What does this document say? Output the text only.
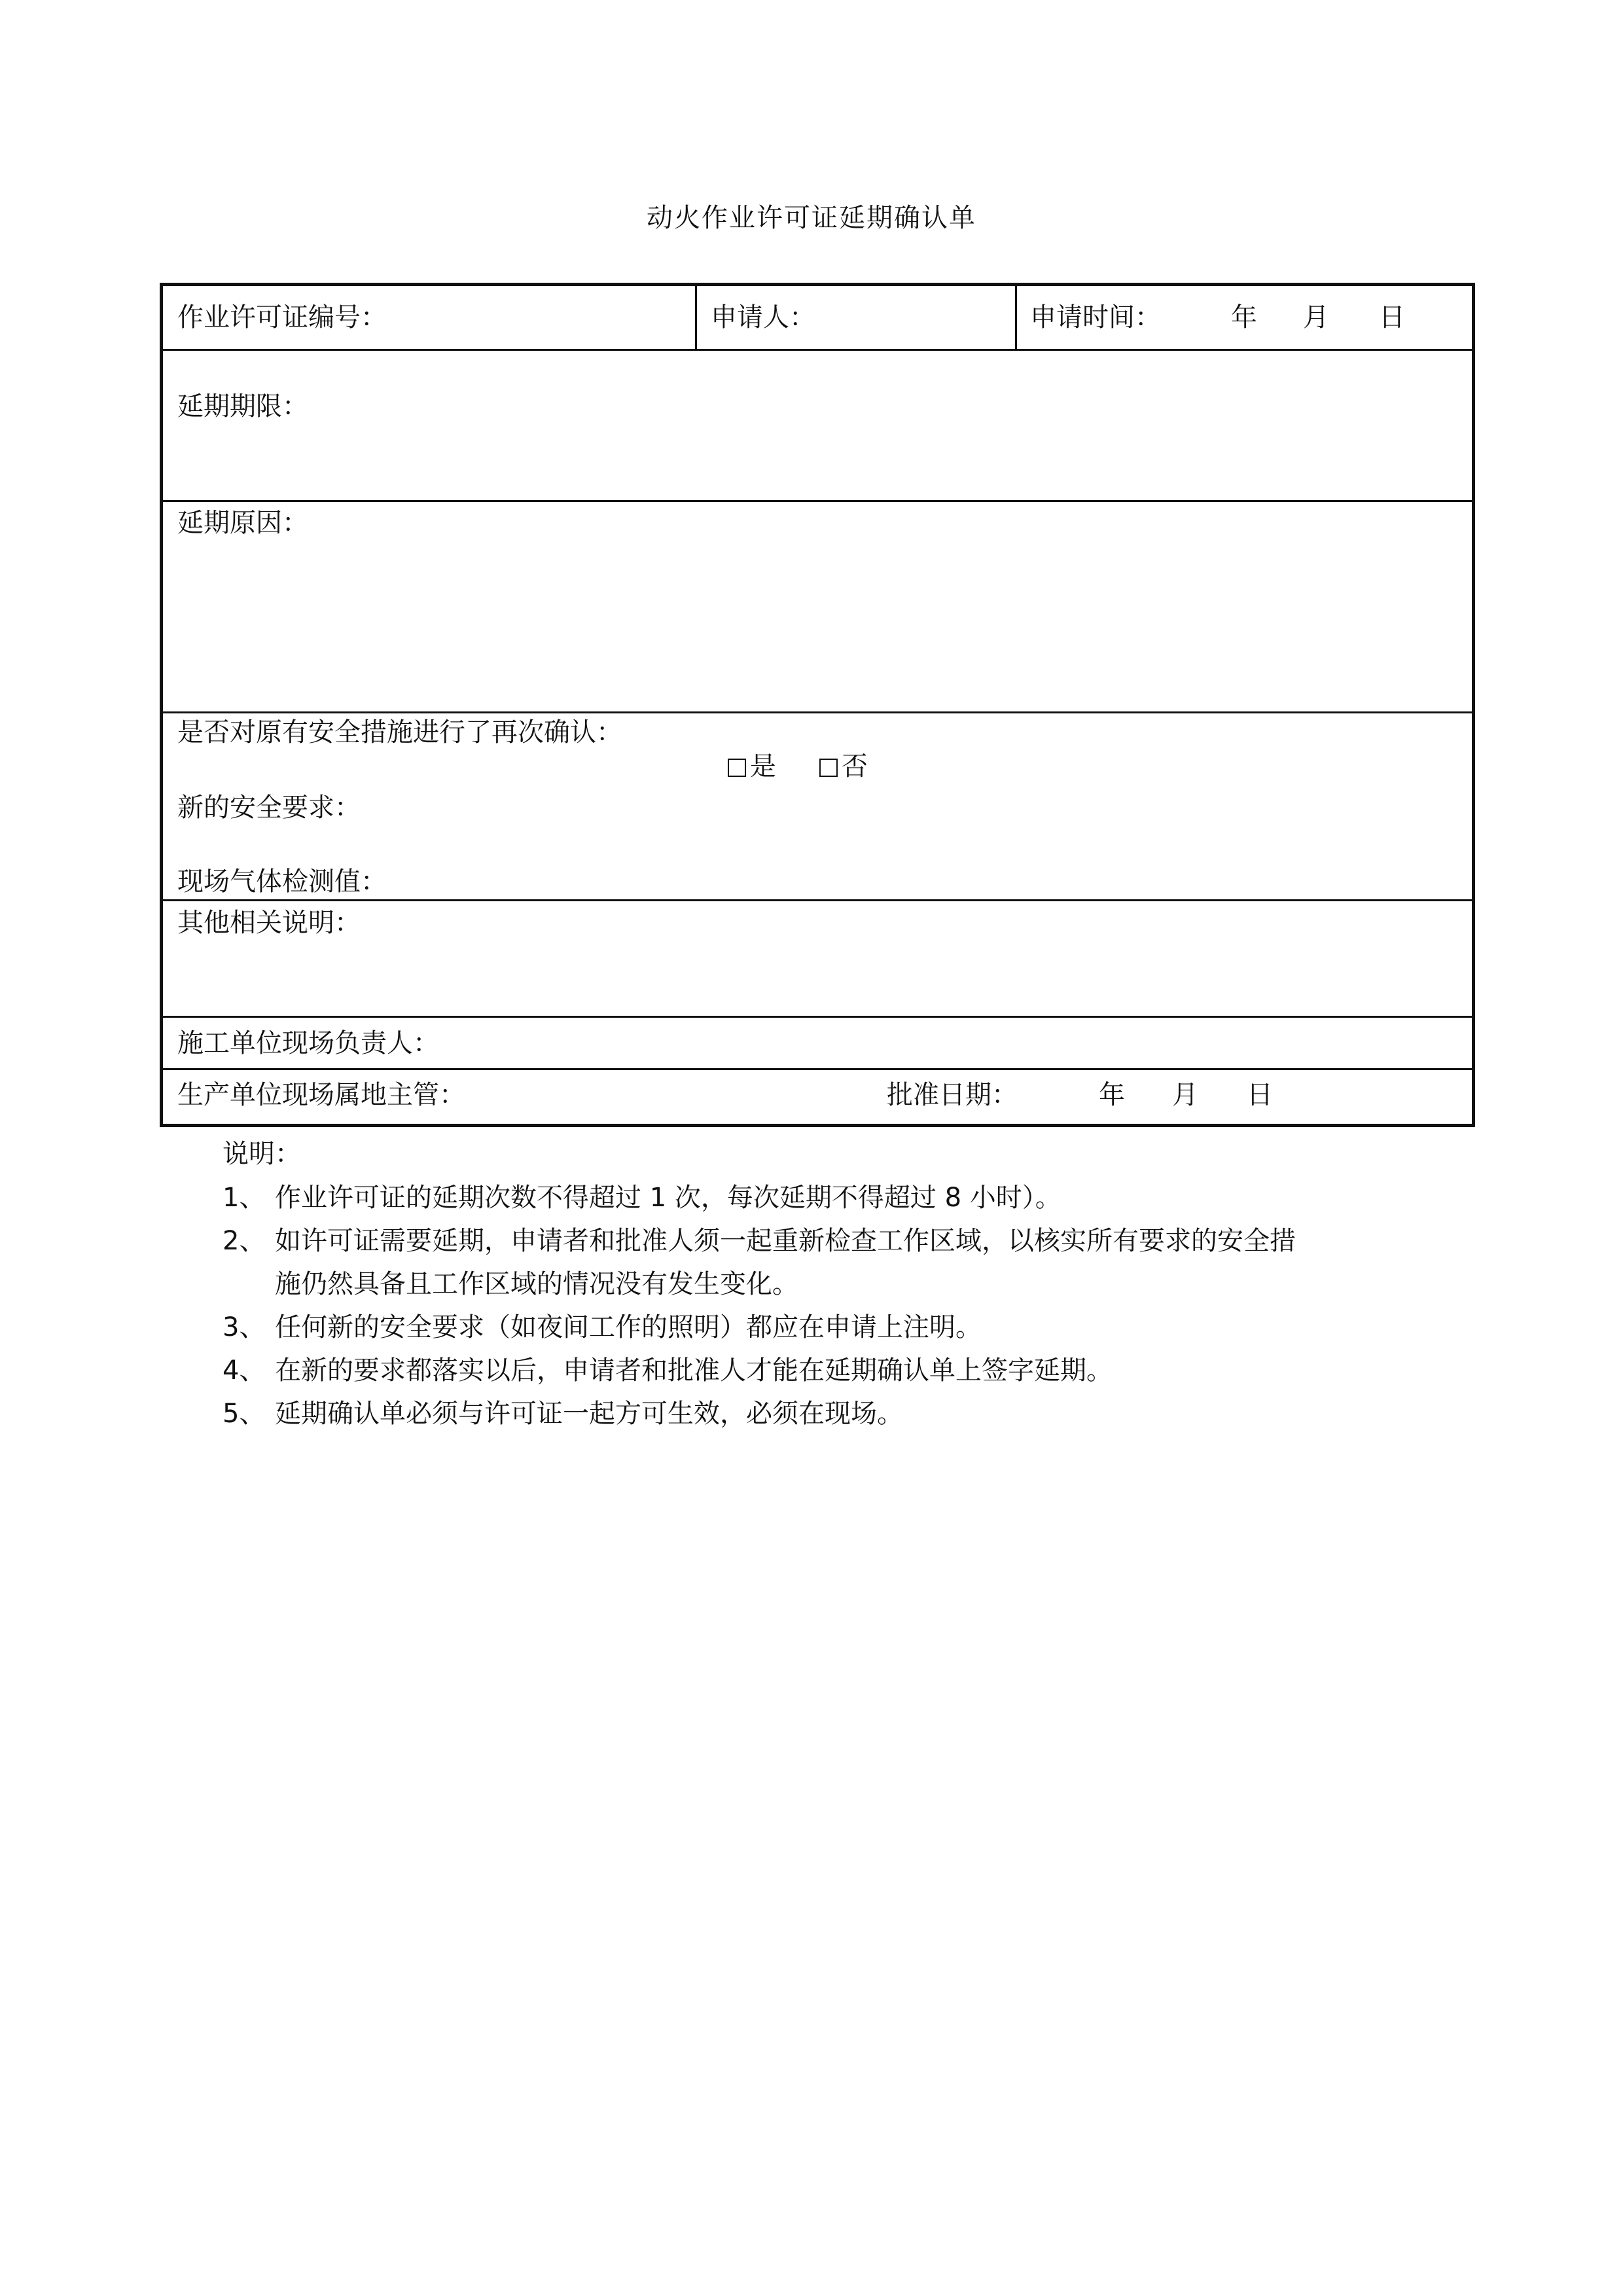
动火作业许可证延期确认单
作业许可证编号：	申请人：	申请时间：	年 月 日
延期期限：
延期原因：
是否对原有安全措施进行了再次确认：

是
	否

新的安全要求：
现场气体检测值：
其他相关说明：
施工单位现场负责人：
生产单位现场属地主管：	批准日期：	年 月 日
说明：
1、 作业许可证的延期次数不得超过 1 次，每次延期不得超过 8 小时）。
2、 如许可证需要延期，申请者和批准人须一起重新检查工作区域，以核实所有要求的安全措
施仍然具备且工作区域的情况没有发生变化。
3、 任何新的安全要求（如夜间工作的照明）都应在申请上注明。
4、 在新的要求都落实以后，申请者和批准人才能在延期确认单上签字延期。
5、 延期确认单必须与许可证一起方可生效，必须在现场。
